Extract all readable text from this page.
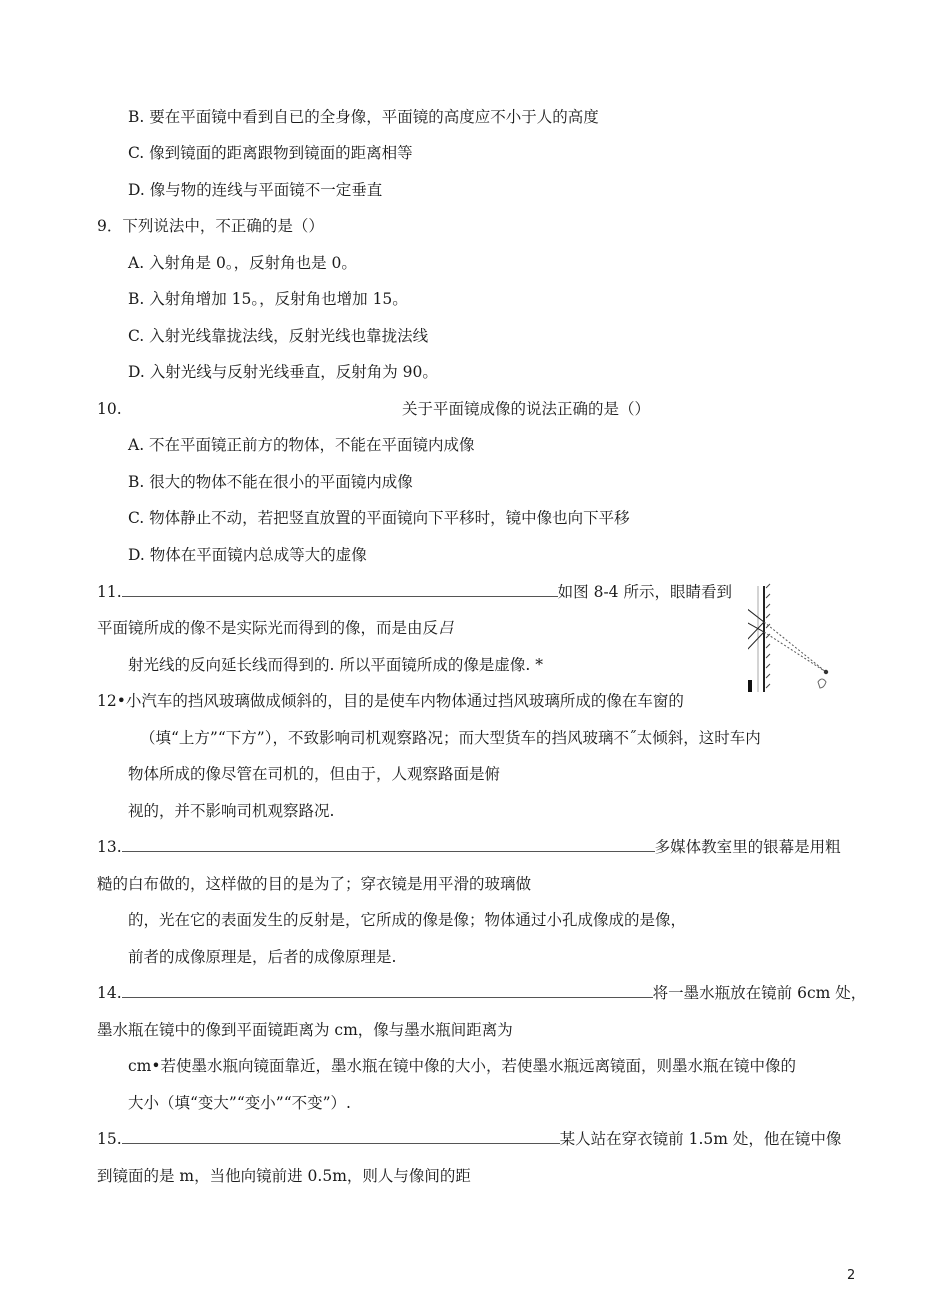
B. 要在平面镜中看到自已的全身像，平面镜的高度应不小于人的高度
C. 像到镜面的距离跟物到镜面的距离相等
D. 像与物的连线与平面镜不一定垂直
9．下列说法中，不正确的是（）
A. 入射角是 0。，反射角也是 0。
B. 入射角增加 15。，反射角也增加 15。
C. 入射光线靠拢法线，反射光线也靠拢法线
D. 入射光线与反射光线垂直，反射角为 90。
10.	关于平面镜成像的说法正确的是（）
A. 不在平面镜正前方的物体，不能在平面镜内成像
B. 很大的物体不能在很小的平面镜内成像
C. 物体静止不动，若把竖直放置的平面镜向下平移时，镜中像也向下平移
D. 物体在平面镜内总成等大的虚像
11.	如图 8-4 所示，眼睛看到
平面镜所成的像不是实际光而得到的像，而是由反吕
射光线的反向延长线而得到的. 所以平面镜所成的像是虚像. *
12•小汽车的挡风玻璃做成倾斜的，目的是使车内物体通过挡风玻璃所成的像在车窗的
（填“上方”“下方”），不致影响司机观察路况；而大型货车的挡风玻璃不˝太倾斜，这时车内
物体所成的像尽管在司机的，但由于，人观察路面是俯
视的，并不影响司机观察路况.
13.	多媒体教室里的银幕是用粗
糙的白布做的，这样做的目的是为了；穿衣镜是用平滑的玻璃做
的，光在它的表面发生的反射是，它所成的像是像；物体通过小孔成像成的是像，
前者的成像原理是，后者的成像原理是.
14.	将一墨水瓶放在镜前 6cm 处，
墨水瓶在镜中的像到平面镜距离为 cm，像与墨水瓶间距离为
cm•若使墨水瓶向镜面靠近，墨水瓶在镜中像的大小，若使墨水瓶远离镜面，则墨水瓶在镜中像的
大小（填“变大”“变小”“不变”）.
15.	某人站在穿衣镜前 1.5m 处，他在镜中像
到镜面的是 m，当他向镜前进 0.5m，则人与像间的距
2
